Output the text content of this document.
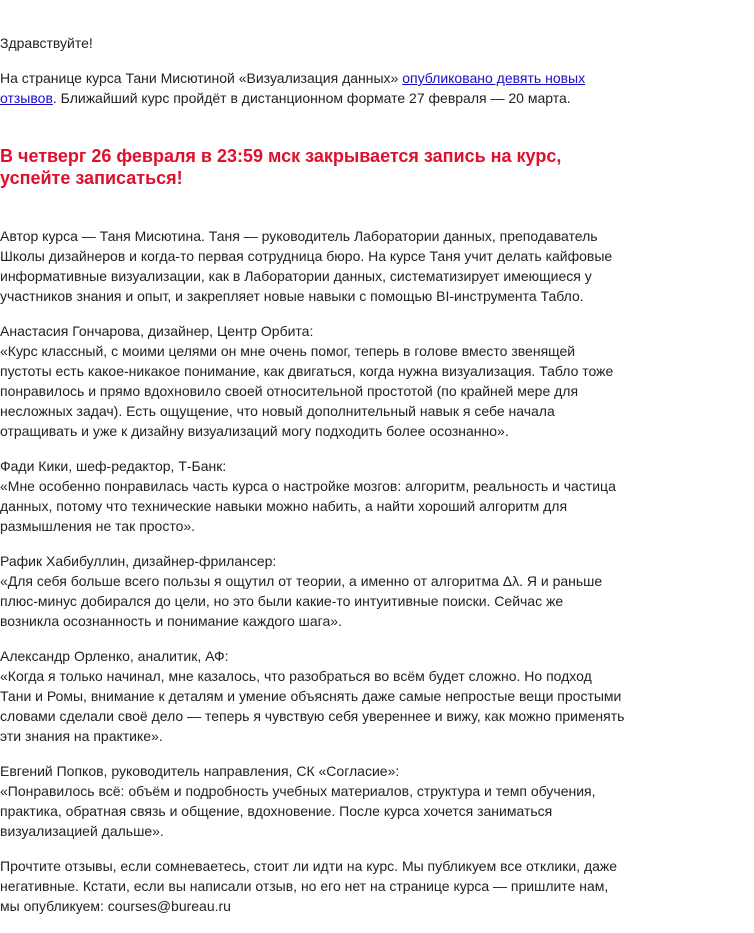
Здравствуйте!

На странице курса Тани Мисютиной «Визуализация данных» опубликовано девять новых отзывов. Ближайший курс пройдёт в дистанционном формате 27 февраля — 20 марта.

В четверг 26 февраля в 23:59 мск закрывается запись на курс, успейте записаться!

Автор курса — Таня Мисютина. Таня — руководитель Лаборатории данных, преподаватель Школы дизайнеров и когда-то первая сотрудница бюро. На курсе Таня учит делать кайфовые информативные визуализации, как в Лаборатории данных, систематизирует имеющиеся у участников знания и опыт, и закрепляет новые навыки с помощью BI-инструмента Табло.

Анастасия Гончарова, дизайнер, Центр Орбита:
«Курс классный, с моими целями он мне очень помог, теперь в голове вместо звенящей пустоты есть какое-никакое понимание, как двигаться, когда нужна визуализация. Табло тоже понравилось и прямо вдохновило своей относительной простотой (по крайней мере для несложных задач). Есть ощущение, что новый дополнительный навык я себе начала отращивать и уже к дизайну визуализаций могу подходить более осознанно».

Фади Кики, шеф-редактор, Т-Банк:
«Мне особенно понравилась часть курса о настройке мозгов: алгоритм, реальность и частица данных, потому что технические навыки можно набить, а найти хороший алгоритм для размышления не так просто».

Рафик Хабибуллин, дизайнер-фрилансер:
«Для себя больше всего пользы я ощутил от теории, а именно от алгоритма Δλ. Я и раньше плюс-минус добирался до цели, но это были какие-то интуитивные поиски. Сейчас же возникла осознанность и понимание каждого шага».

Александр Орленко, аналитик, АФ:
«Когда я только начинал, мне казалось, что разобраться во всём будет сложно. Но подход Тани и Ромы, внимание к деталям и умение объяснять даже самые непростые вещи простыми словами сделали своё дело — теперь я чувствую себя увереннее и вижу, как можно применять эти знания на практике».

Евгений Попков, руководитель направления, СК «Согласие»:
«Понравилось всё: объём и подробность учебных материалов, структура и темп обучения, практика, обратная связь и общение, вдохновение. После курса хочется заниматься визуализацией дальше».

Прочтите отзывы, если сомневаетесь, стоит ли идти на курс. Мы публикуем все отклики, даже негативные. Кстати, если вы написали отзыв, но его нет на странице курса — пришлите нам, мы опубликуем: courses@bureau.ru
